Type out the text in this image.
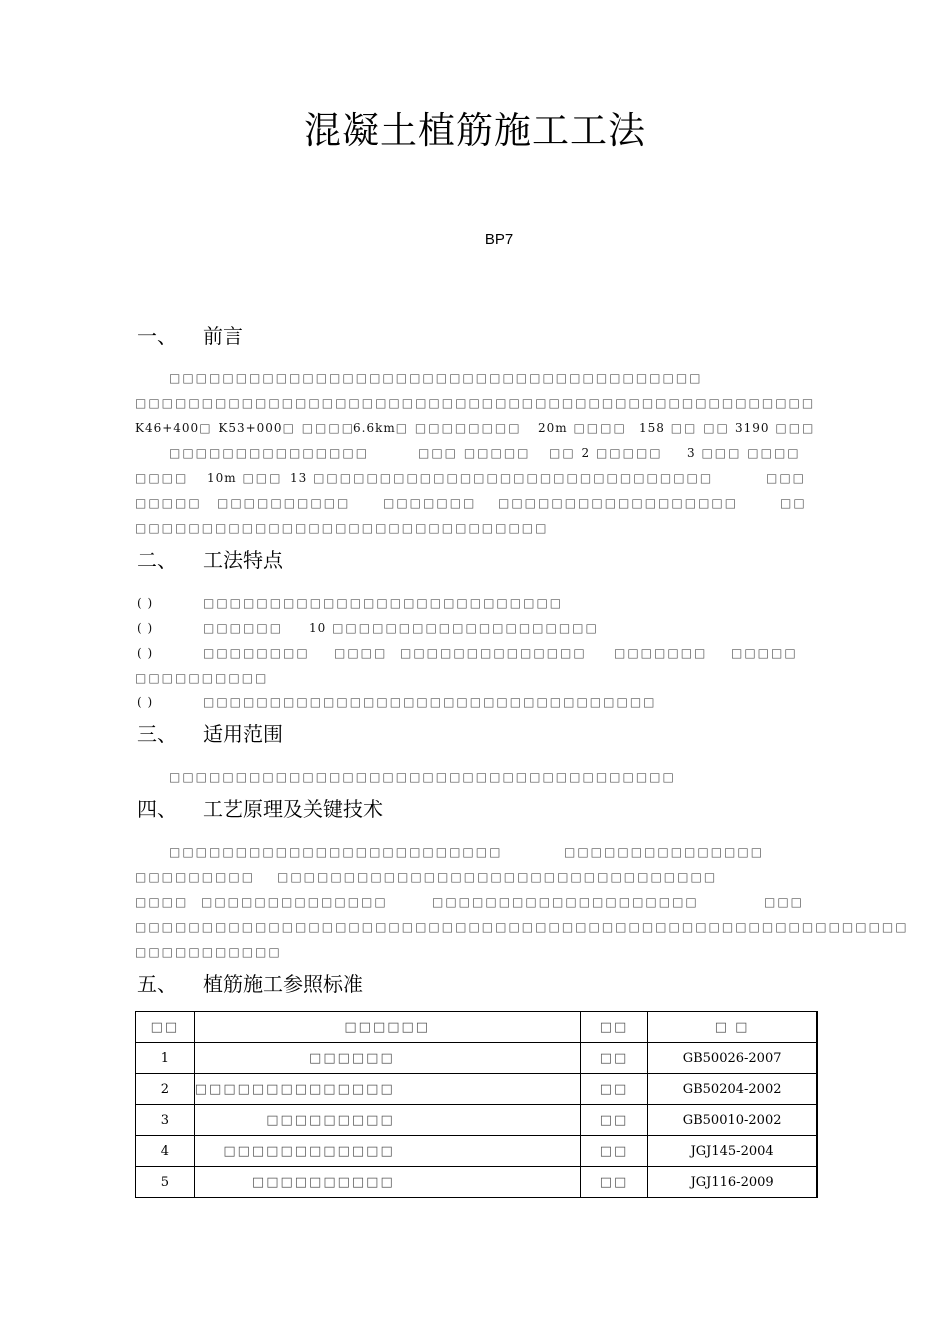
混凝土植筋施工工法
BP7
一、 前言
□□□□□□□□□□□□□□□□□□□□□□□□□□□□□□□□□□□□□□□□
□□□□□□□□□□□□□□□□□□□□□□□□□□□□□□□□□□□□□□□□□□□□□□□□□□□
K46+400□ K53+000□ □□□□
6.6km□ □□□□□□□□ 20m □□□□ 158 □□ □□ 3190 □□□
□□□□□□□□□□□□□□□	□□□ □□□□□ □□ 2 □□□□□ 3 □□□ □□□□
□□□□ 10m □□□ 13 □□□□□□□□□□□□□□□□□□□□□□□□□□□□□□	□□□
□□□□□ □□□□□□□□□□	□□□□□□□ □□□□□□□□□□□□□□□□□□	□□
□□□□□□□□□□□□□□□□□□□□□□□□□□□□□□□
二、 工法特点
( )	□□□□□□□□□□□□□□□□□□□□□□□□□□□
( )	□□□□□□ 10 □□□□□□□□□□□□□□□□□□□□
( )	□□□□□□□□ □□□□ □□□□□□□□□□□□□□ □□□□□□□ □□□□□
□□□□□□□□□□
( )	□□□□□□□□□□□□□□□□□□□□□□□□□□□□□□□□□□
三、 适用范围
□□□□□□□□□□□□□□□□□□□□□□□□□□□□□□□□□□□□□□
四、 工艺原理及关键技术
□□□□□□□□□□□□□□□□□□□□□□□□□	□□□□□□□□□□□□□□□
□□□□□□□□□ □□□□□□□□□□□□□□□□□□□□□□□□□□□□□□□□□
□□□□ □□□□□□□□□□□□□□	□□□□□□□□□□□□□□□□□□□□	□□□
□□□□□□□□□□□□□□□□□□□□□□□□□□□□□□□□□□□□□□□□□□□□□□□□□□□□□□□□□□
□□□□□□□□□□□
五、 植筋施工参照标准
□□	□□□□□□	□□	□ □
1	□□□□□□	□□	GB50026-2007
2	□□□□□□□□□□□□□□	□□	GB50204-2002
3	□□□□□□□□□	□□	GB50010-2002
4	□□□□□□□□□□□□	□□	JGJ145-2004
5	□□□□□□□□□□	□□	JGJ116-2009
